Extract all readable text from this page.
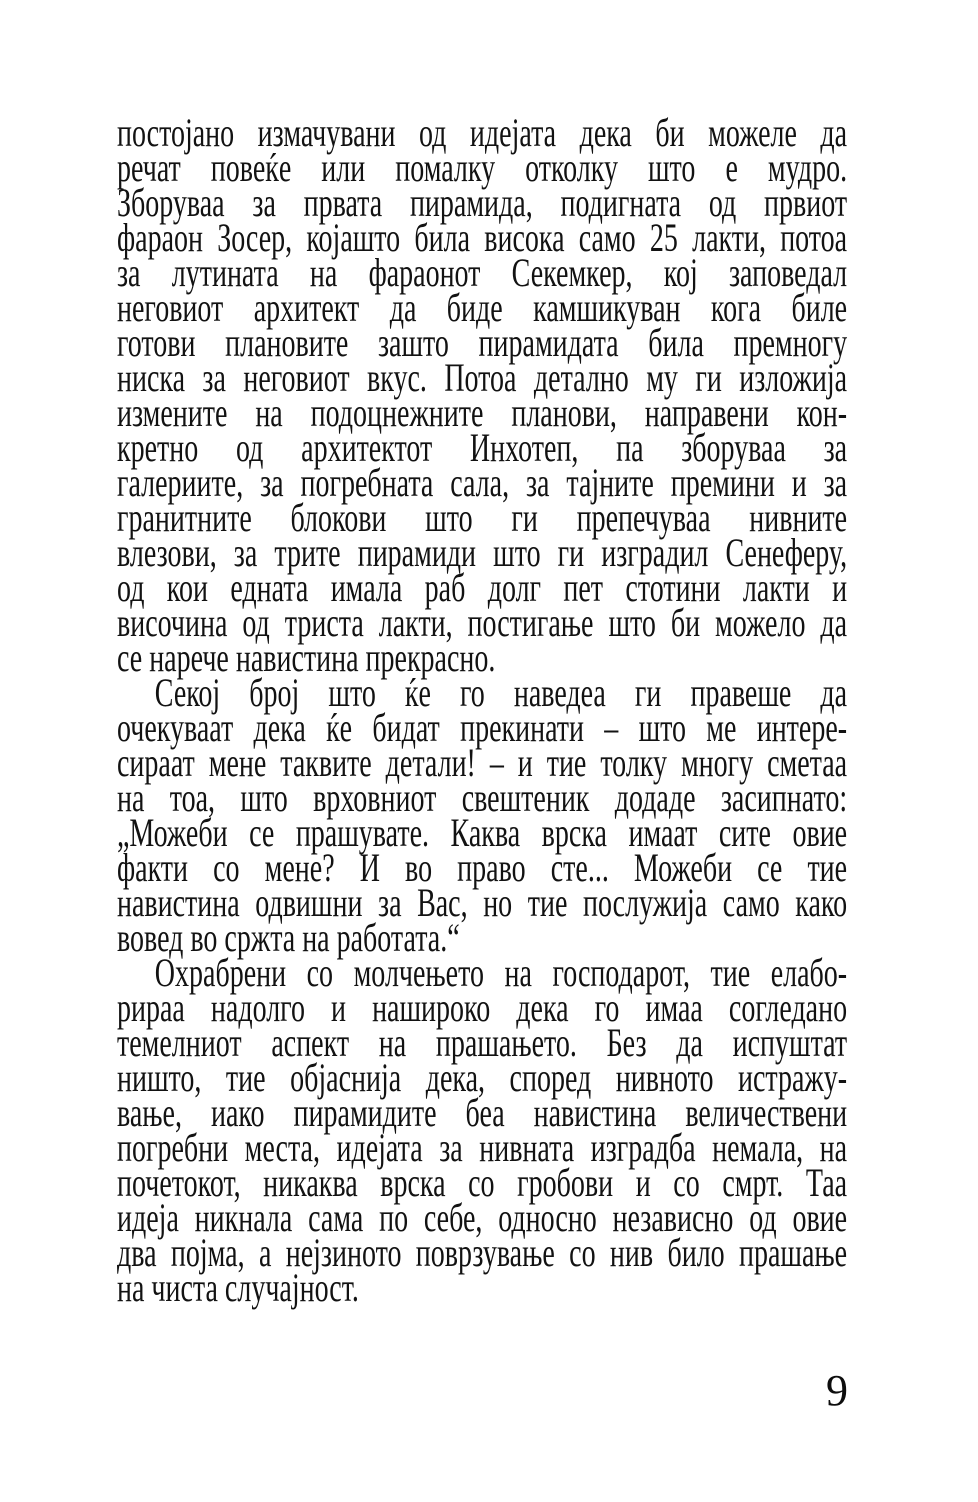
постојано измачувани од идејата дека би можеле да
речат повеќе или помалку отколку што е мудро.
Зборуваа за првата пирамида, подигната од првиот
фараон Зосер, којашто била висока само 25 лакти, потоа
за лутината на фараонот Секемкер, кој заповедал
неговиот архитект да биде камшикуван кога биле
готови плановите зашто пирамидата била премногу
ниска за неговиот вкус. Потоа детално му ги изложија
измените на подоцнежните планови, направени кон-
кретно од архитектот Инхотеп, па зборуваа за
галериите, за погребната сала, за тајните премини и за
гранитните блокови што ги препечуваа нивните
влезови, за трите пирамиди што ги изградил Сенеферу,
од кои едната имала раб долг пет стотини лакти и
височина од триста лакти, постигање што би можело да
се нарече навистина прекрасно.
Секој број што ќе го наведеа ги правеше да
очекуваат дека ќе бидат прекинати – што ме интере-
сираат мене таквите детали! – и тие толку многу сметаа
на тоа, што врховниот свештеник додаде засипнато:
„Можеби се прашувате. Каква врска имаат сите овие
факти со мене? И во право сте... Можеби се тие
навистина одвишни за Вас, но тие послужија само како
вовед во сржта на работата.“
Охрабрени со молчењето на господарот, тие елабо-
рираа надолго и нашироко дека го имаа согледано
темелниот аспект на прашањето. Без да испуштат
ништо, тие објаснија дека, според нивното истражу-
вање, иако пирамидите беа навистина величествени
погребни места, идејата за нивната изградба немала, на
почетокот, никаква врска со гробови и со смрт. Таа
идеја никнала сама по себе, односно независно од овие
два појма, а нејзиното поврзување со нив било прашање
на чиста случајност.
9
